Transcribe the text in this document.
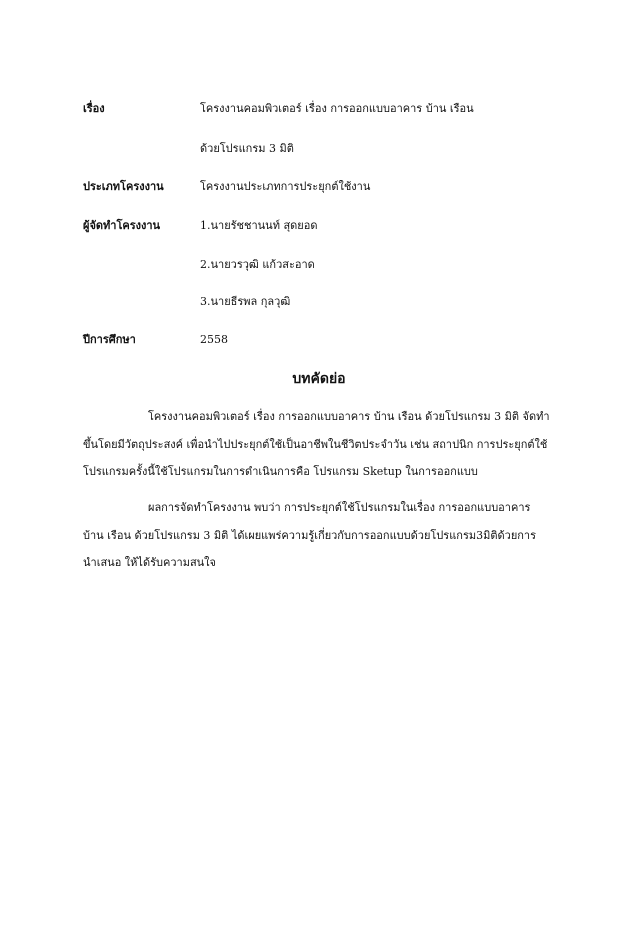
เรื่อง	โครงงานคอมพิวเตอร์ เรื่อง การออกแบบอาคาร บ้าน เรือน
ด้วยโปรแกรม 3 มิติ
ประเภทโครงงาน	โครงงานประเภทการประยุกต์ใช้งาน
ผู้จัดทำโครงงาน	1.นายรัชชานนท์ สุดยอด
2.นายวรวุฒิ แก้วสะอาด
3.นายธีรพล กุลวุฒิ
ปีการศึกษา	2558
บทคัดย่อ
โครงงานคอมพิวเตอร์ เรื่อง การออกแบบอาคาร บ้าน เรือน ด้วยโปรแกรม 3 มิติ จัดทำ
ขึ้นโดยมีวัตถุประสงค์ เพื่อนำไปประยุกต์ใช้เป็นอาชีพในชีวิตประจำวัน เช่น สถาปนิก การประยุกต์ใช้
โปรแกรมครั้งนี้ใช้โปรแกรมในการดำเนินการคือ โปรแกรม Sketup ในการออกแบบ
ผลการจัดทำโครงงาน พบว่า การประยุกต์ใช้โปรแกรมในเรื่อง การออกแบบอาคาร
บ้าน เรือน ด้วยโปรแกรม 3 มิติ ได้เผยแพร่ความรู้เกี่ยวกับการออกแบบด้วยโปรแกรม3มิติด้วยการ
นำเสนอ ให้ได้รับความสนใจ
